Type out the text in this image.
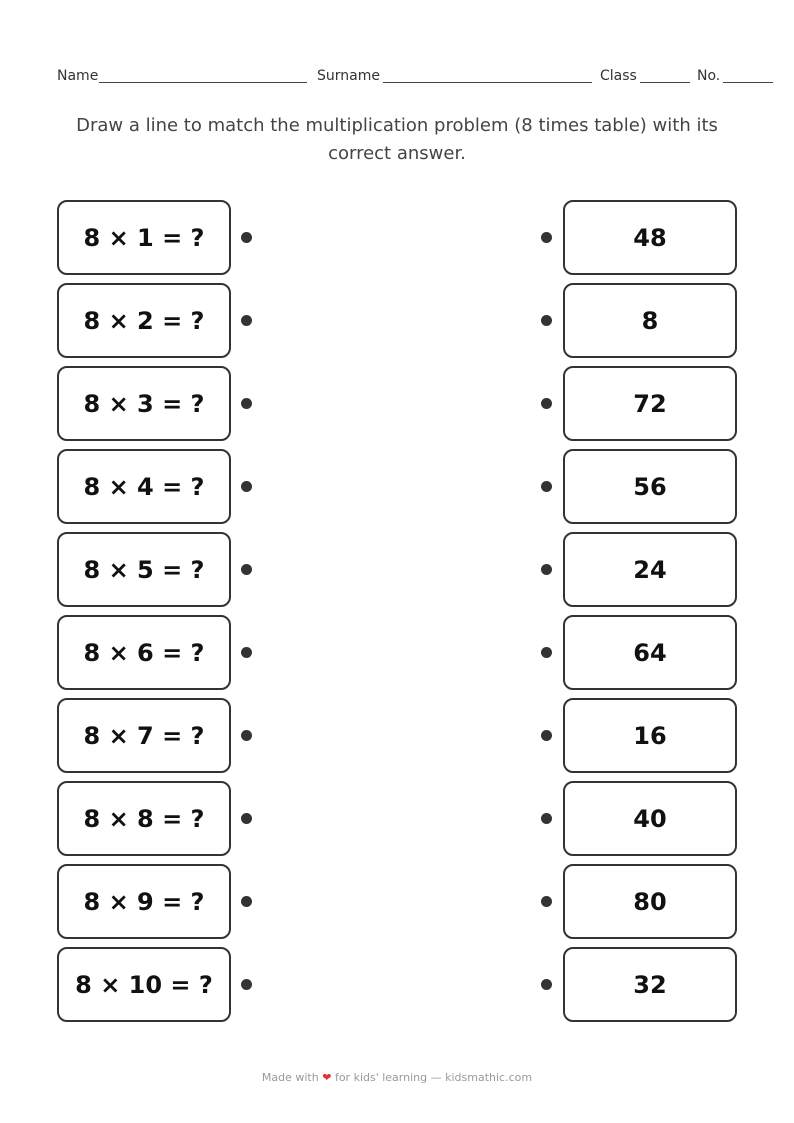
Name	Surname	Class	No.
Draw a line to match the multiplication problem (8 times table) with its correct answer.
8 × 1 = ?
8 × 2 = ?
8 × 3 = ?
8 × 4 = ?
8 × 5 = ?
8 × 6 = ?
8 × 7 = ?
8 × 8 = ?
8 × 9 = ?
8 × 10 = ?
48
8
72
56
24
64
16
40
80
32
Made with ❤ for kids' learning — kidsmathic.com
